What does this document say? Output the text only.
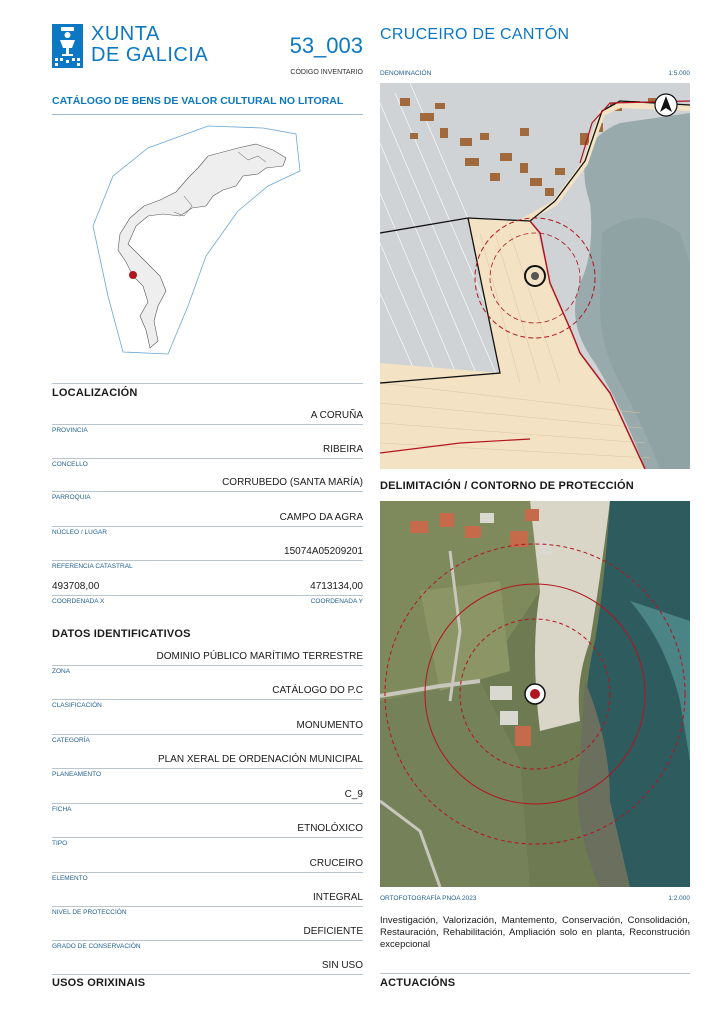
XUNTA
DE GALICIA	53_003
CÓDIGO INVENTARIO
CRUCEIRO DE CANTÓN
CATÁLOGO DE BENS DE VALOR CULTURAL NO LITORAL
LOCALIZACIÓN
A CORUÑA
PROVINCIA
RIBEIRA
CONCELLO
CORRUBEDO (SANTA MARÍA)
PARROQUIA
CAMPO DA AGRA
NÚCLEO / LUGAR
15074A05209201
REFERENCIA CATASTRAL
493708,00	4713134,00
COORDENADA X	COORDENADA Y
DATOS IDENTIFICATIVOS
DOMINIO PÚBLICO MARÍTIMO TERRESTRE
ZONA
CATÁLOGO DO P.C
CLASIFICACIÓN
MONUMENTO
CATEGORÍA
PLAN XERAL DE ORDENACIÓN MUNICIPAL
PLANEAMENTO
C_9
FICHA
ETNOLÓXICO
TIPO
CRUCEIRO
ELEMENTO
INTEGRAL
NIVEL DE PROTECCIÓN
DEFICIENTE
GRADO DE CONSERVACIÓN
SIN USO
USOS ORIXINAIS
DENOMINACIÓN	1:5.000
DELIMITACIÓN / CONTORNO DE PROTECCIÓN
ORTOFOTOGRAFÍA PNOA 2023	1:2.000
Investigación, Valorización, Mantemento, Conservación, Consolidación, Restauración, Rehabilitación, Ampliación solo en planta, Reconstrución excepcional
ACTUACIÓNS
